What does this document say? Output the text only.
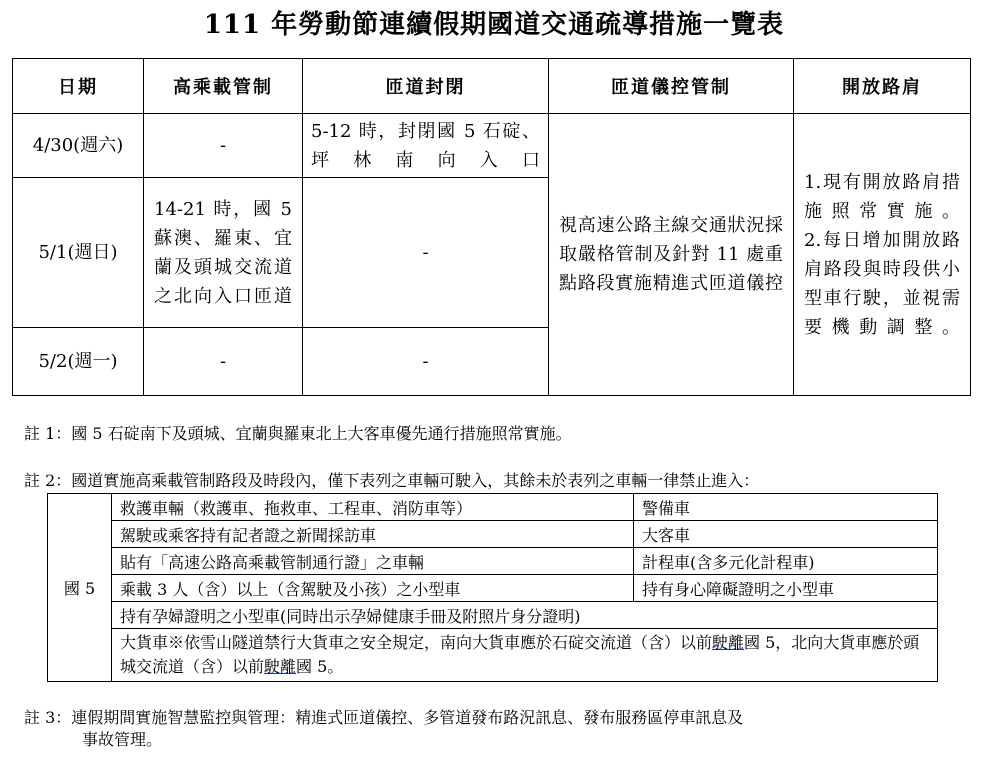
111 年勞動節連續假期國道交通疏導措施一覽表
日期	高乘載管制	匝道封閉	匝道儀控管制	開放路肩
4/30(週六)	-	5-12 時，封閉國 5 石碇、坪林南向入口	視高速公路主線交通狀況採取嚴格管制及針對 11 處重點路段實施精進式匝道儀控	1.現有開放路肩措施照常實施。
2.每日增加開放路肩路段與時段供小型車行駛，並視需要機動調整。

5/1(週日)	14-21 時，國 5 蘇澳、羅東、宜蘭及頭城交流道之北向入口匝道	-		
5/2(週一)	-	-		
註 1：國 5 石碇南下及頭城、宜蘭與羅東北上大客車優先通行措施照常實施。
註 2：國道實施高乘載管制路段及時段內，僅下表列之車輛可駛入，其餘未於表列之車輛一律禁止進入：
國 5	救護車輛（救護車、拖救車、工程車、消防車等）	警備車
	駕駛或乘客持有記者證之新聞採訪車	大客車
	貼有「高速公路高乘載管制通行證」之車輛	計程車(含多元化計程車)
	乘載 3 人（含）以上（含駕駛及小孩）之小型車	持有身心障礙證明之小型車
	持有孕婦證明之小型車(同時出示孕婦健康手冊及附照片身分證明)	
	大貨車※依雪山隧道禁行大貨車之安全規定，南向大貨車應於石碇交流道（含）以前駛離國 5，北向大貨車應於頭城交流道（含）以前駛離國 5。	
註 3：連假期間實施智慧監控與管理：精進式匝道儀控、多管道發布路況訊息、發布服務區停車訊息及
事故管理。
